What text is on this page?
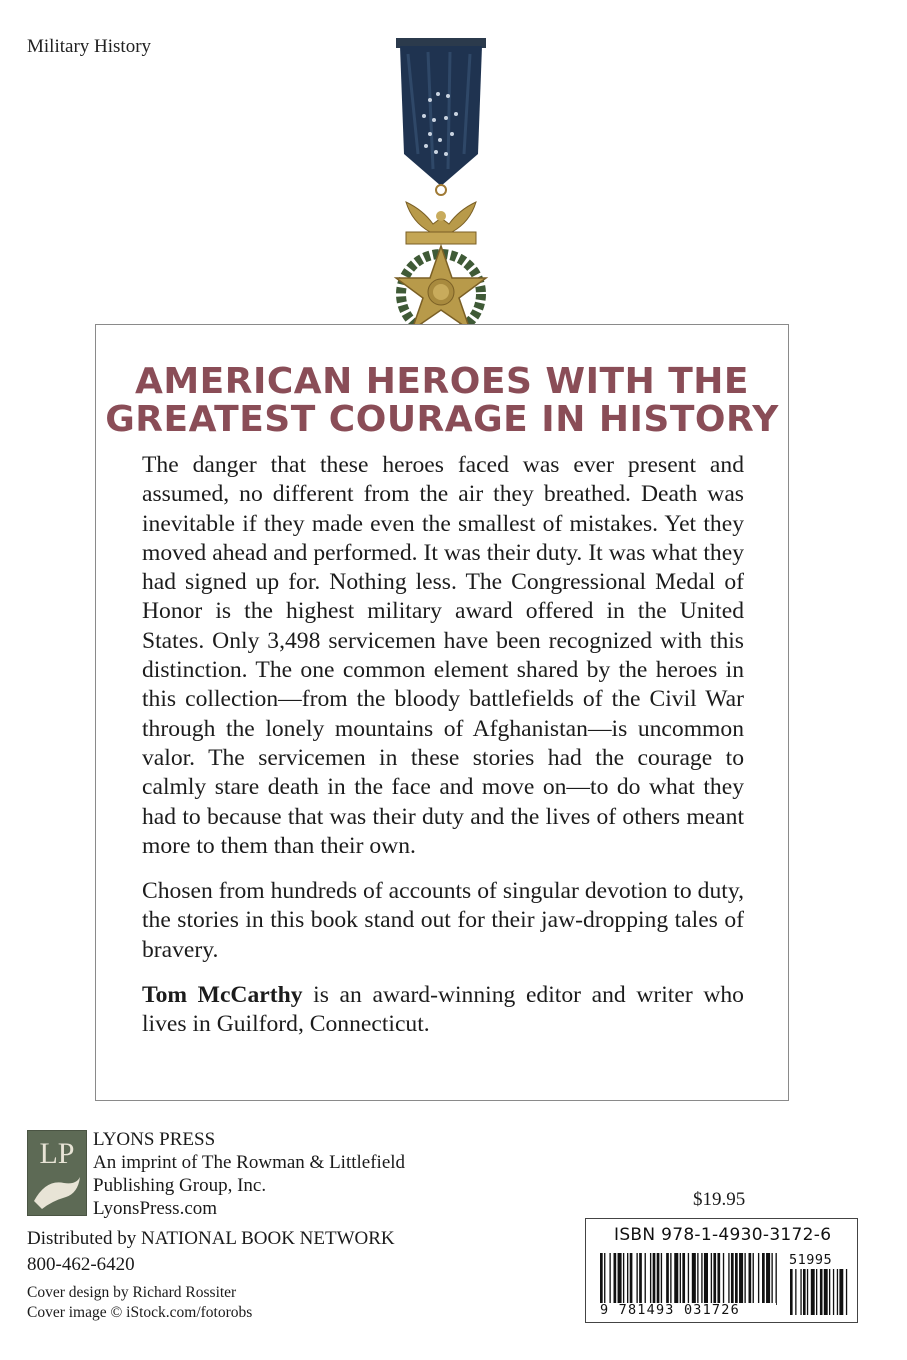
Military History
AMERICAN HEROES WITH THE
GREATEST COURAGE IN HISTORY

The danger that these heroes faced was ever present and assumed, no different from the air they breathed. Death was inevitable if they made even the smallest of mistakes. Yet they moved ahead and performed. It was their duty. It was what they had signed up for. Nothing less. The Congressional Medal of Honor is the highest military award offered in the United States. Only 3,498 servicemen have been recognized with this distinction. The one common element shared by the heroes in this collection—from the bloody battlefields of the Civil War through the lonely mountains of Afghanistan—is uncommon valor. The servicemen in these stories had the courage to calmly stare death in the face and move on—to do what they had to because that was their duty and the lives of others meant more to them than their own.

Chosen from hundreds of accounts of singular devotion to duty, the stories in this book stand out for their jaw-dropping tales of bravery.

Tom McCarthy is an award-winning editor and writer who lives in Guilford, Connecticut.

LP LYONS PRESS
An imprint of The Rowman & Littlefield
Publishing Group, Inc.
LyonsPress.com
Distributed by NATIONAL BOOK NETWORK
800-462-6420
Cover design by Richard Rossiter
Cover image © iStock.com/fotorobs
$19.95
ISBN 978-1-4930-3172-6
51995
9 781493 031726
